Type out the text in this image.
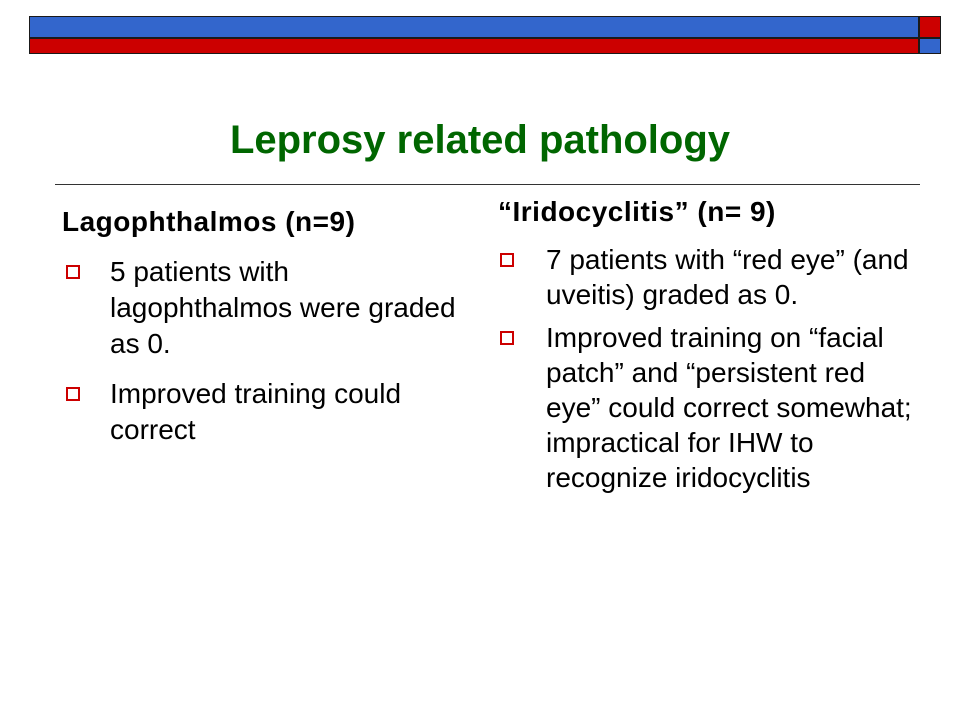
Leprosy related pathology
Lagophthalmos (n=9)
5 patients with lagophthalmos were graded as 0.
Improved training could correct
“Iridocyclitis” (n= 9)
7 patients with “red eye” (and uveitis) graded as 0.
Improved training on “facial patch” and “persistent red eye” could correct somewhat; impractical for IHW to recognize iridocyclitis
